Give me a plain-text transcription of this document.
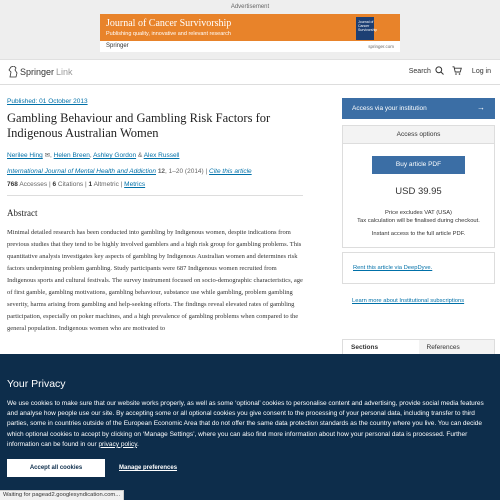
Advertisement
Journal of Cancer Survivorship
Publishing quality, innovative and relevant research
Journal of Cancer Survivorship
Springer	springer.com
Springer Link	Search	Log in
Published: 01 October 2013
Gambling Behaviour and Gambling Risk Factors for Indigenous Australian Women
Nerilee Hing ✉, Helen Breen, Ashley Gordon & Alex Russell
International Journal of Mental Health and Addiction 12, 1–20 (2014) | Cite this article
768 Accesses | 6 Citations | 1 Altmetric | Metrics
Abstract
Minimal detailed research has been conducted into gambling by Indigenous women, despite indications from previous studies that they tend to be highly involved gamblers and a high risk group for gambling problems. This quantitative analysis investigates key aspects of gambling by Indigenous Australian women and determines risk factors underpinning problem gambling. Study participants were 687 Indigenous women recruited from Indigenous sports and cultural festivals. The survey instrument focused on socio-demographic characteristics, age of first gamble, gambling motivations, gambling behaviour, substance use while gambling, problem gambling severity, harms arising from gambling and help-seeking efforts. The findings reveal elevated rates of gambling participation, especially on poker machines, and a high prevalence of gambling problems when compared to the general population. Indigenous women who are motivated to
Access via your institution	→
Access options
Buy article PDF
USD 39.95
Price excludes VAT (USA)
Tax calculation will be finalised during checkout.
Instant access to the full article PDF.
Rent this article via DeepDyve.
Learn more about Institutional subscriptions
Sections	References
Your Privacy

We use cookies to make sure that our website works properly, as well as some ‘optional’ cookies to personalise content and advertising, provide social media features and analyse how people use our site. By accepting some or all optional cookies you give consent to the processing of your personal data, including transfer to third parties, some in countries outside of the European Economic Area that do not offer the same data protection standards as the country where you live. You can decide which optional cookies to accept by clicking on ‘Manage Settings’, where you can also find more information about how your personal data is processed. Further information can be found in our privacy policy.

Accept all cookies	Manage preferences
Waiting for pagead2.googlesyndication.com...
